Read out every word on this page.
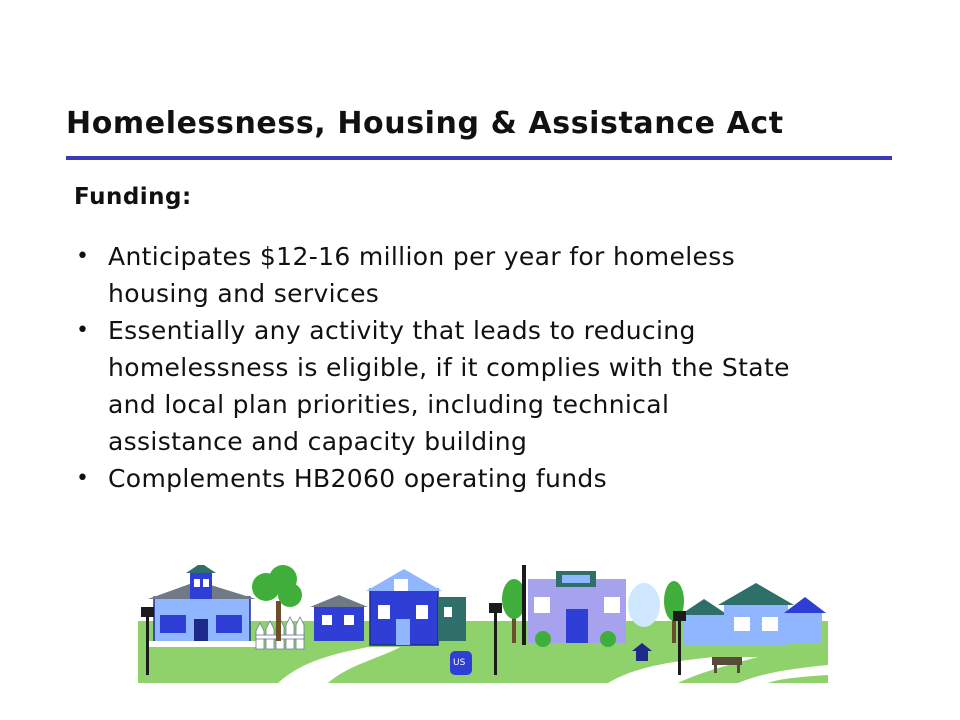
Homelessness, Housing & Assistance Act
Funding:
• Anticipates $12-16 million per year for homeless
housing and services
• Essentially any activity that leads to reducing
homelessness is eligible, if it complies with the State
and local plan priorities, including technical
assistance and capacity building
• Complements HB2060 operating funds
US
